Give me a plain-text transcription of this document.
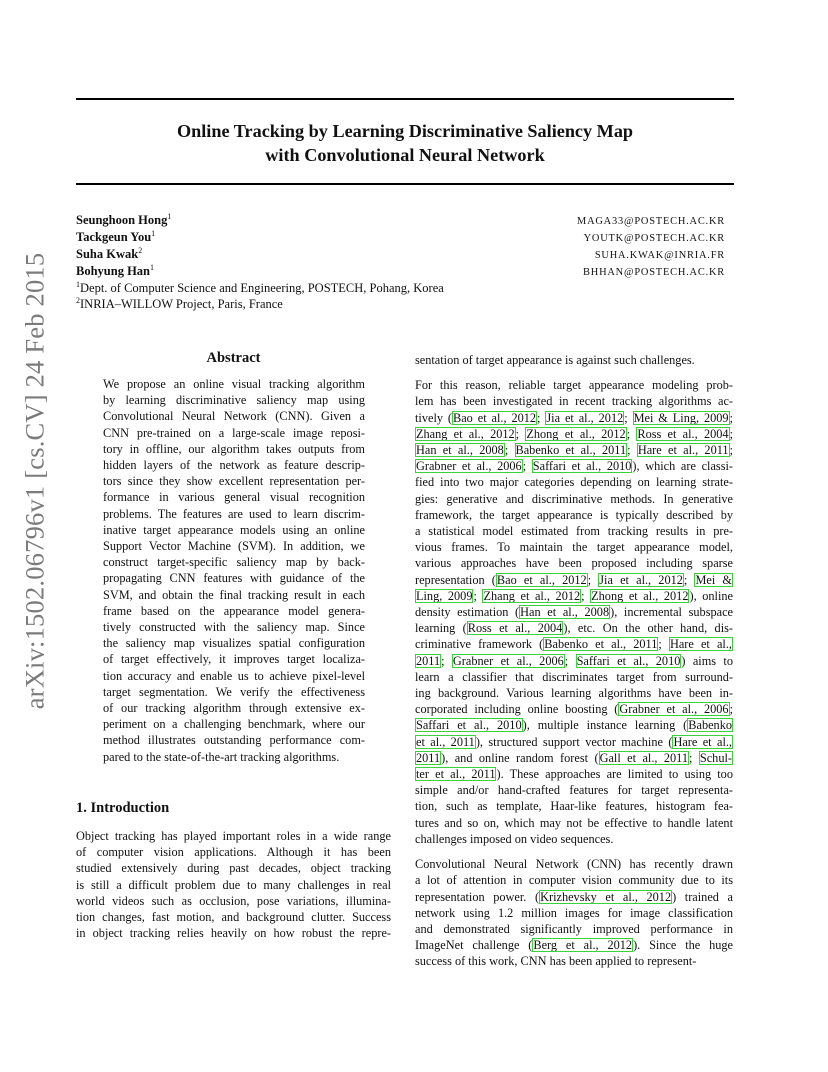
Online Tracking by Learning Discriminative Saliency Map
with Convolutional Neural Network
arXiv:1502.06796v1 [cs.CV] 24 Feb 2015
Seunghoon Hong$^1$
Tackgeun You$^1$
Suha Kwak$^2$
Bohyung Han$^1$
MAGA33@POSTECH.AC.KR
YOUTK@POSTECH.AC.KR
SUHA.KWAK@INRIA.FR
BHHAN@POSTECH.AC.KR
$^1$Dept. of Computer Science and Engineering, POSTECH, Pohang, Korea
$^2$INRIA–WILLOW Project, Paris, France
Abstract
We propose an online visual tracking algorithm
by learning discriminative saliency map using
Convolutional Neural Network (CNN). Given a
CNN pre-trained on a large-scale image reposi-
tory in offline, our algorithm takes outputs from
hidden layers of the network as feature descrip-
tors since they show excellent representation per-
formance in various general visual recognition
problems. The features are used to learn discrim-
inative target appearance models using an online
Support Vector Machine (SVM). In addition, we
construct target-specific saliency map by back-
propagating CNN features with guidance of the
SVM, and obtain the final tracking result in each
frame based on the appearance model genera-
tively constructed with the saliency map. Since
the saliency map visualizes spatial configuration
of target effectively, it improves target localiza-
tion accuracy and enable us to achieve pixel-level
target segmentation. We verify the effectiveness
of our tracking algorithm through extensive ex-
periment on a challenging benchmark, where our
method illustrates outstanding performance com-
pared to the state-of-the-art tracking algorithms.
1. Introduction
Object tracking has played important roles in a wide range
of computer vision applications. Although it has been
studied extensively during past decades, object tracking
is still a difficult problem due to many challenges in real
world videos such as occlusion, pose variations, illumina-
tion changes, fast motion, and background clutter. Success
in object tracking relies heavily on how robust the repre-
sentation of target appearance is against such challenges.
For this reason, reliable target appearance modeling prob-
lem has been investigated in recent tracking algorithms ac-
tively (Bao et al., 2012; Jia et al., 2012; Mei & Ling, 2009;
Zhang et al., 2012; Zhong et al., 2012; Ross et al., 2004;
Han et al., 2008; Babenko et al., 2011; Hare et al., 2011;
Grabner et al., 2006; Saffari et al., 2010), which are classi-
fied into two major categories depending on learning strate-
gies: generative and discriminative methods. In generative
framework, the target appearance is typically described by
a statistical model estimated from tracking results in pre-
vious frames. To maintain the target appearance model,
various approaches have been proposed including sparse
representation (Bao et al., 2012; Jia et al., 2012; Mei &
Ling, 2009; Zhang et al., 2012; Zhong et al., 2012), online
density estimation (Han et al., 2008), incremental subspace
learning (Ross et al., 2004), etc. On the other hand, dis-
criminative framework (Babenko et al., 2011; Hare et al.,
2011; Grabner et al., 2006; Saffari et al., 2010) aims to
learn a classifier that discriminates target from surround-
ing background. Various learning algorithms have been in-
corporated including online boosting (Grabner et al., 2006;
Saffari et al., 2010), multiple instance learning (Babenko
et al., 2011), structured support vector machine (Hare et al.,
2011), and online random forest (Gall et al., 2011; Schul-
ter et al., 2011). These approaches are limited to using too
simple and/or hand-crafted features for target representa-
tion, such as template, Haar-like features, histogram fea-
tures and so on, which may not be effective to handle latent
challenges imposed on video sequences.
Convolutional Neural Network (CNN) has recently drawn
a lot of attention in computer vision community due to its
representation power. (Krizhevsky et al., 2012) trained a
network using 1.2 million images for image classification
and demonstrated significantly improved performance in
ImageNet challenge (Berg et al., 2012). Since the huge
success of this work, CNN has been applied to represent-
